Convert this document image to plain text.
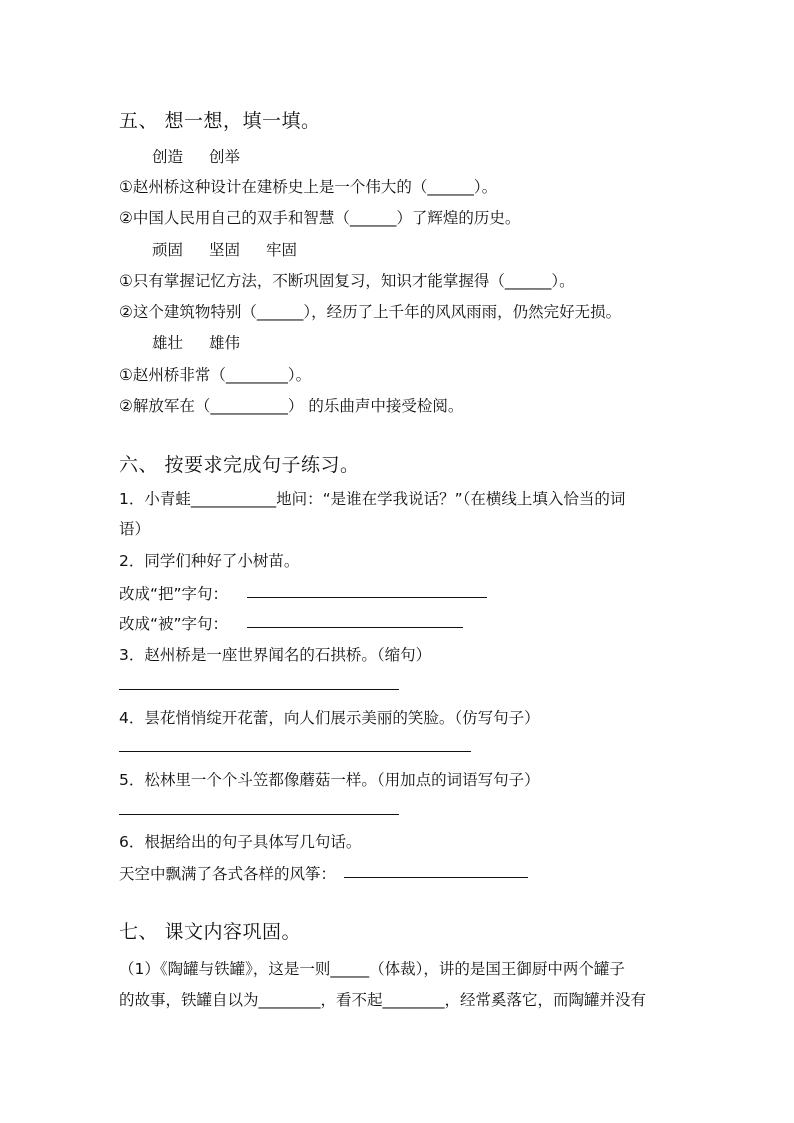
五、 想一想，填一填。
创造 创举
①赵州桥这种设计在建桥史上是一个伟大的（______）。
②中国人民用自己的双手和智慧（______）了辉煌的历史。
顽固 坚固 牢固
①只有掌握记忆方法，不断巩固复习，知识才能掌握得（______）。
②这个建筑物特别（______），经历了上千年的风风雨雨，仍然完好无损。
雄壮 雄伟
①赵州桥非常（________）。
②解放军在（__________） 的乐曲声中接受检阅。
六、 按要求完成句子练习。
1．小青蛙___________地问：“是谁在学我说话？”（在横线上填入恰当的词
语）
2．同学们种好了小树苗。
改成“把”字句：
改成“被”字句：
3．赵州桥是一座世界闻名的石拱桥。（缩句）
4．昙花悄悄绽开花蕾，向人们展示美丽的笑脸。（仿写句子）
5．松林里一个个斗笠都像蘑菇一样。（用加点的词语写句子）
6．根据给出的句子具体写几句话。
天空中飘满了各式各样的风筝：
七、 课文内容巩固。
（1）《陶罐与铁罐》，这是一则_____（体裁），讲的是国王御厨中两个罐子
的故事，铁罐自以为________，看不起________，经常奚落它，而陶罐并没有
